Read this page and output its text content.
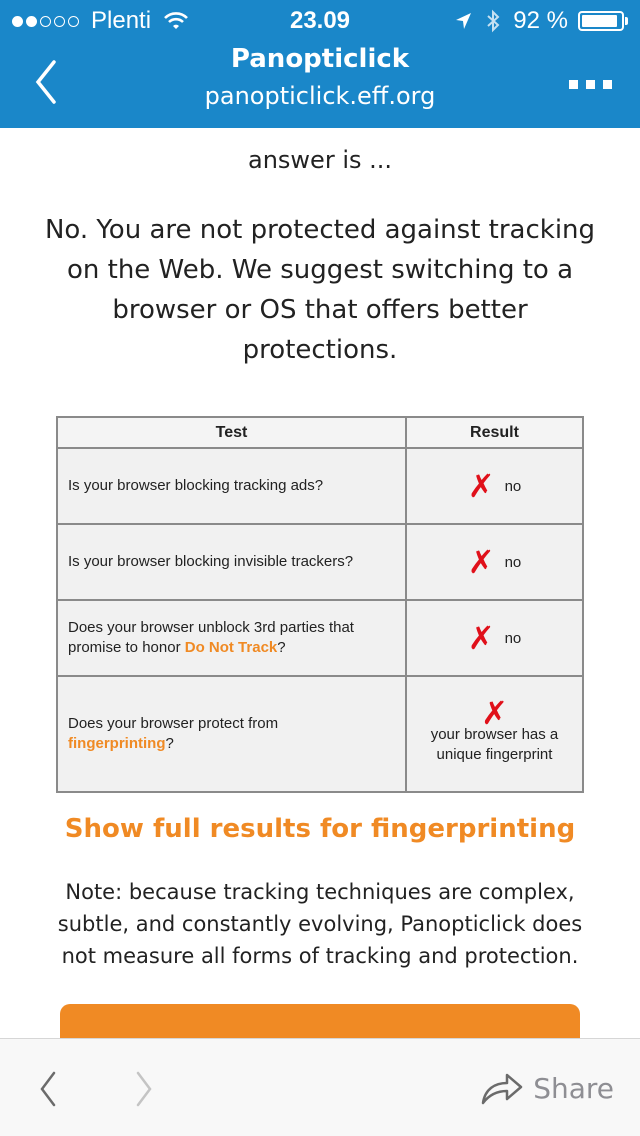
Plenti	23.09	92 %
Panopticlick
panopticlick.eff.org
answer is ...
No. You are not protected against tracking on the Web. We suggest switching to a browser or OS that offers better protections.
Test	Result
Is your browser blocking tracking ads?	✗ no
Is your browser blocking invisible trackers?	✗ no
Does your browser unblock 3rd parties that promise to honor Do Not Track?	✗ no
Does your browser protect from
fingerprinting?	✗
your browser has a unique fingerprint
Show full results for fingerprinting
Note: because tracking techniques are complex, subtle, and constantly evolving, Panopticlick does not measure all forms of tracking and protection.
Share
